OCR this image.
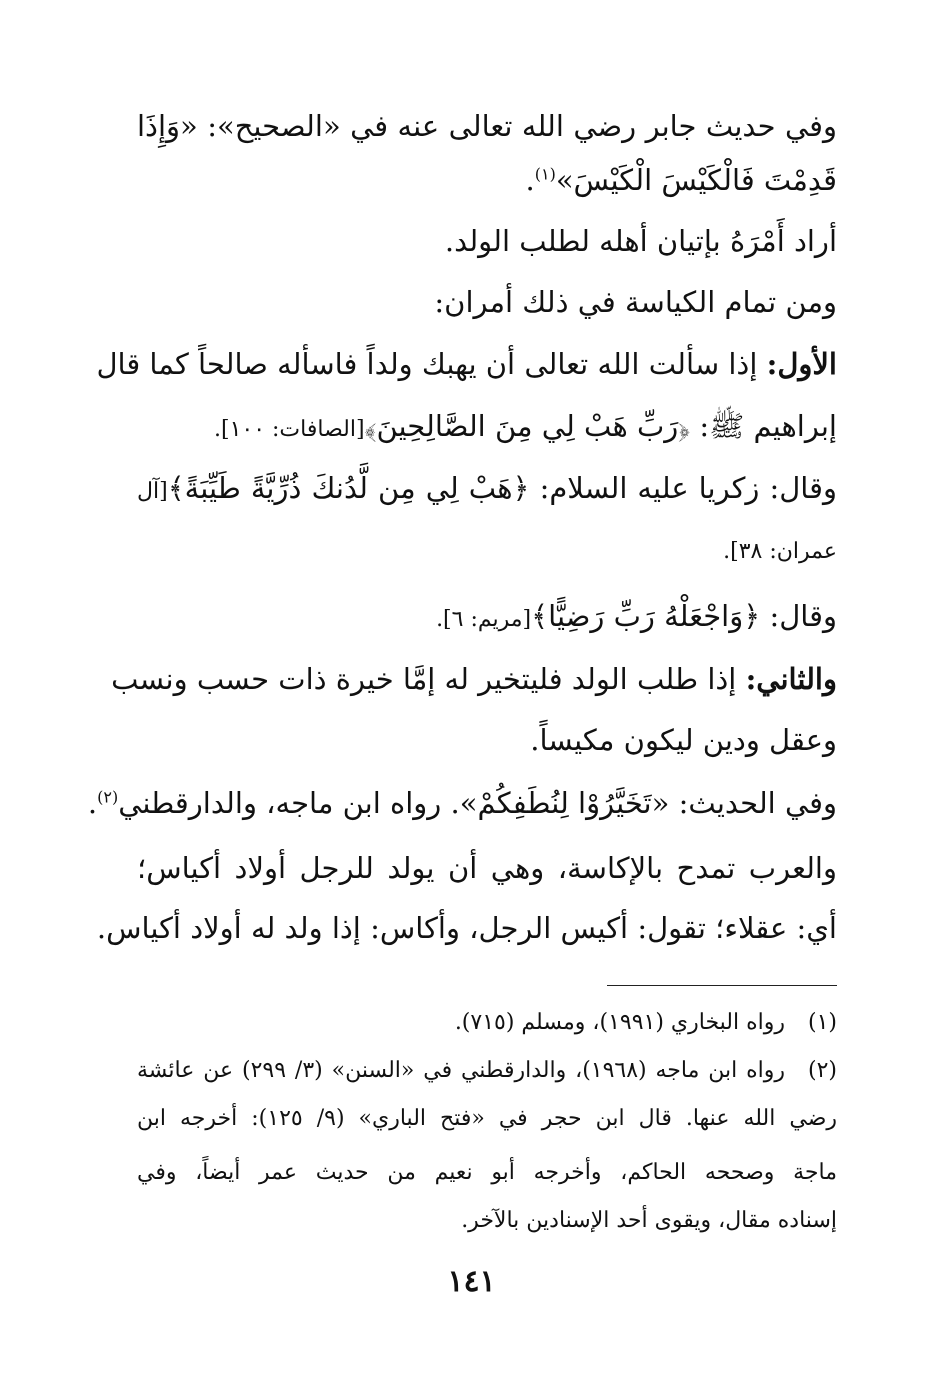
وفي حديث جابر رضي الله تعالى عنه في «الصحيح»: «وَإِذَا
قَدِمْتَ فَالْكَيْسَ الْكَيْسَ»$^{(١)}$.
أراد أَمْرَهُ بإتيان أهله لطلب الولد.
ومن تمام الكياسة في ذلك أمران:
الأول: إذا سألت الله تعالى أن يهبك ولداً فاسأله صالحاً كما قال
إبراهيم ﷺ: ﴿رَبِّ هَبْ لِي مِنَ الصَّالِحِينَ﴾[الصافات: ١٠٠].
وقال: زكريا عليه السلام: ﴿هَبْ لِي مِن لَّدُنكَ ذُرِّيَّةً طَيِّبَةً﴾[آل
عمران: ٣٨].
وقال: ﴿وَاجْعَلْهُ رَبِّ رَضِيًّا﴾[مريم: ٦].
والثاني: إذا طلب الولد فليتخير له إمَّا خيرة ذات حسب ونسب
وعقل ودين ليكون مكيساً.
وفي الحديث: «تَخَيَّرُوْا لِنُطَفِكُمْ». رواه ابن ماجه، والدارقطني$^{(٢)}$.
والعرب تمدح بالإكاسة، وهي أن يولد للرجل أولاد أكياس؛
أي: عقلاء؛ تقول: أكيس الرجل، وأكاس: إذا ولد له أولاد أكياس.
(١)
رواه البخاري (١٩٩١)، ومسلم (٧١٥).
(٢)
رواه ابن ماجه (١٩٦٨)، والدارقطني في «السنن» (٣/ ٢٩٩) عن عائشة
رضي الله عنها. قال ابن حجر في «فتح الباري» (٩/ ١٢٥): أخرجه ابن
ماجة وصححه الحاكم، وأخرجه أبو نعيم من حديث عمر أيضاً، وفي
إسناده مقال، ويقوى أحد الإسنادين بالآخر.
١٤١
